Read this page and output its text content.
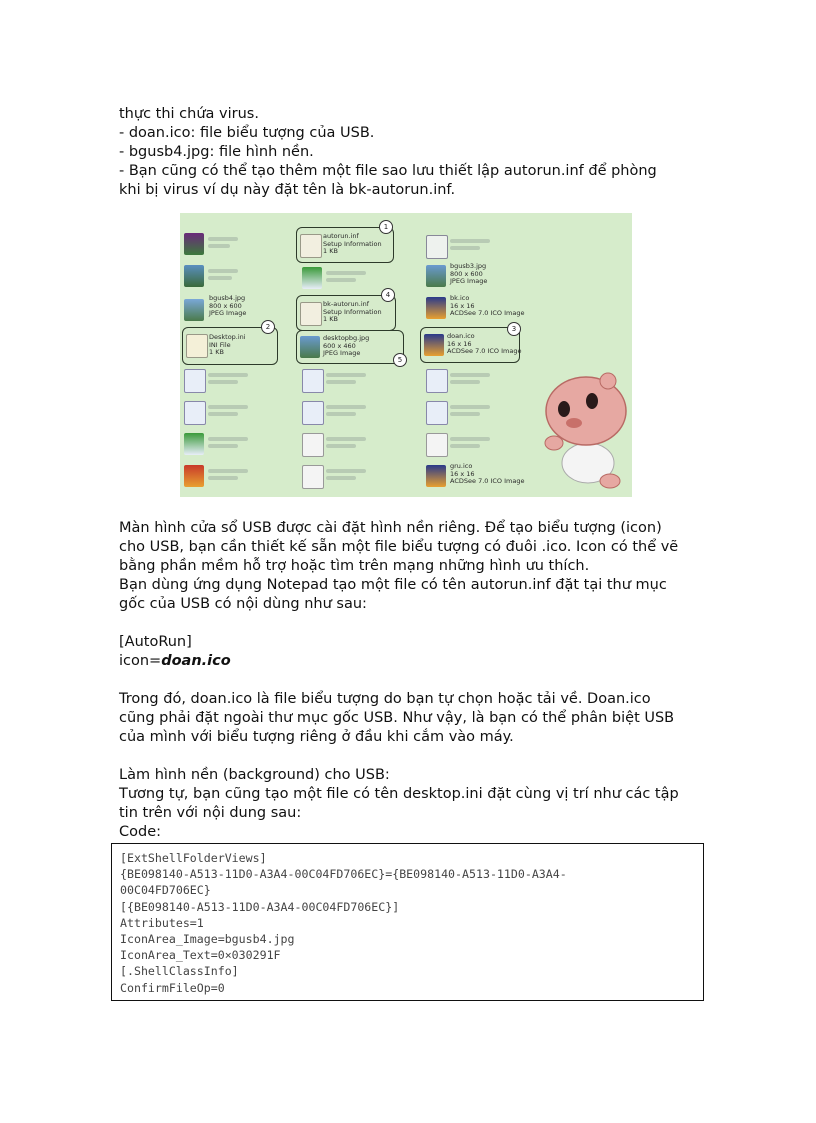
thực thi chứa virus.

- doan.ico: file biểu tượng của USB.

- bgusb4.jpg: file hình nền.

- Bạn cũng có thể tạo thêm một file sao lưu thiết lập autorun.inf để phòng

khi bị virus ví dụ này đặt tên là bk-autorun.inf.

bgusb4.jpg
800 x 600
JPEG Image
Desktop.ini
INI File
1 KB
2
autorun.inf
Setup Information
1 KB
1
bk-autorun.inf
Setup Information
1 KB
4
desktopbg.jpg
600 x 460
JPEG Image
5
bgusb3.jpg
800 x 600
JPEG Image
bk.ico
16 x 16
ACDSee 7.0 ICO Image
doan.ico
16 x 16
ACDSee 7.0 ICO Image
3
gru.ico
16 x 16
ACDSee 7.0 ICO Image

Màn hình cửa sổ USB được cài đặt hình nền riêng. Để tạo biểu tượng (icon)

cho USB, bạn cần thiết kế sẵn một file biểu tượng có đuôi .ico. Icon có thể vẽ

bằng phần mềm hỗ trợ hoặc tìm trên mạng những hình ưu thích.

Bạn dùng ứng dụng Notepad tạo một file có tên autorun.inf đặt tại thư mục

gốc của USB có nội dùng như sau:

[AutoRun]

icon=doan.ico

Trong đó, doan.ico là file biểu tượng do bạn tự chọn hoặc tải về. Doan.ico

cũng phải đặt ngoài thư mục gốc USB. Như vậy, là bạn có thể phân biệt USB

của mình với biểu tượng riêng ở đầu khi cắm vào máy.

Làm hình nền (background) cho USB:

Tương tự, bạn cũng tạo một file có tên desktop.ini đặt cùng vị trí như các tập

tin trên với nội dung sau:

Code:

[ExtShellFolderViews]

{BE098140-A513-11D0-A3A4-00C04FD706EC}={BE098140-A513-11D0-A3A4-

00C04FD706EC}

[{BE098140-A513-11D0-A3A4-00C04FD706EC}]

Attributes=1

IconArea_Image=bgusb4.jpg

IconArea_Text=0×030291F

[.ShellClassInfo]

ConfirmFileOp=0
